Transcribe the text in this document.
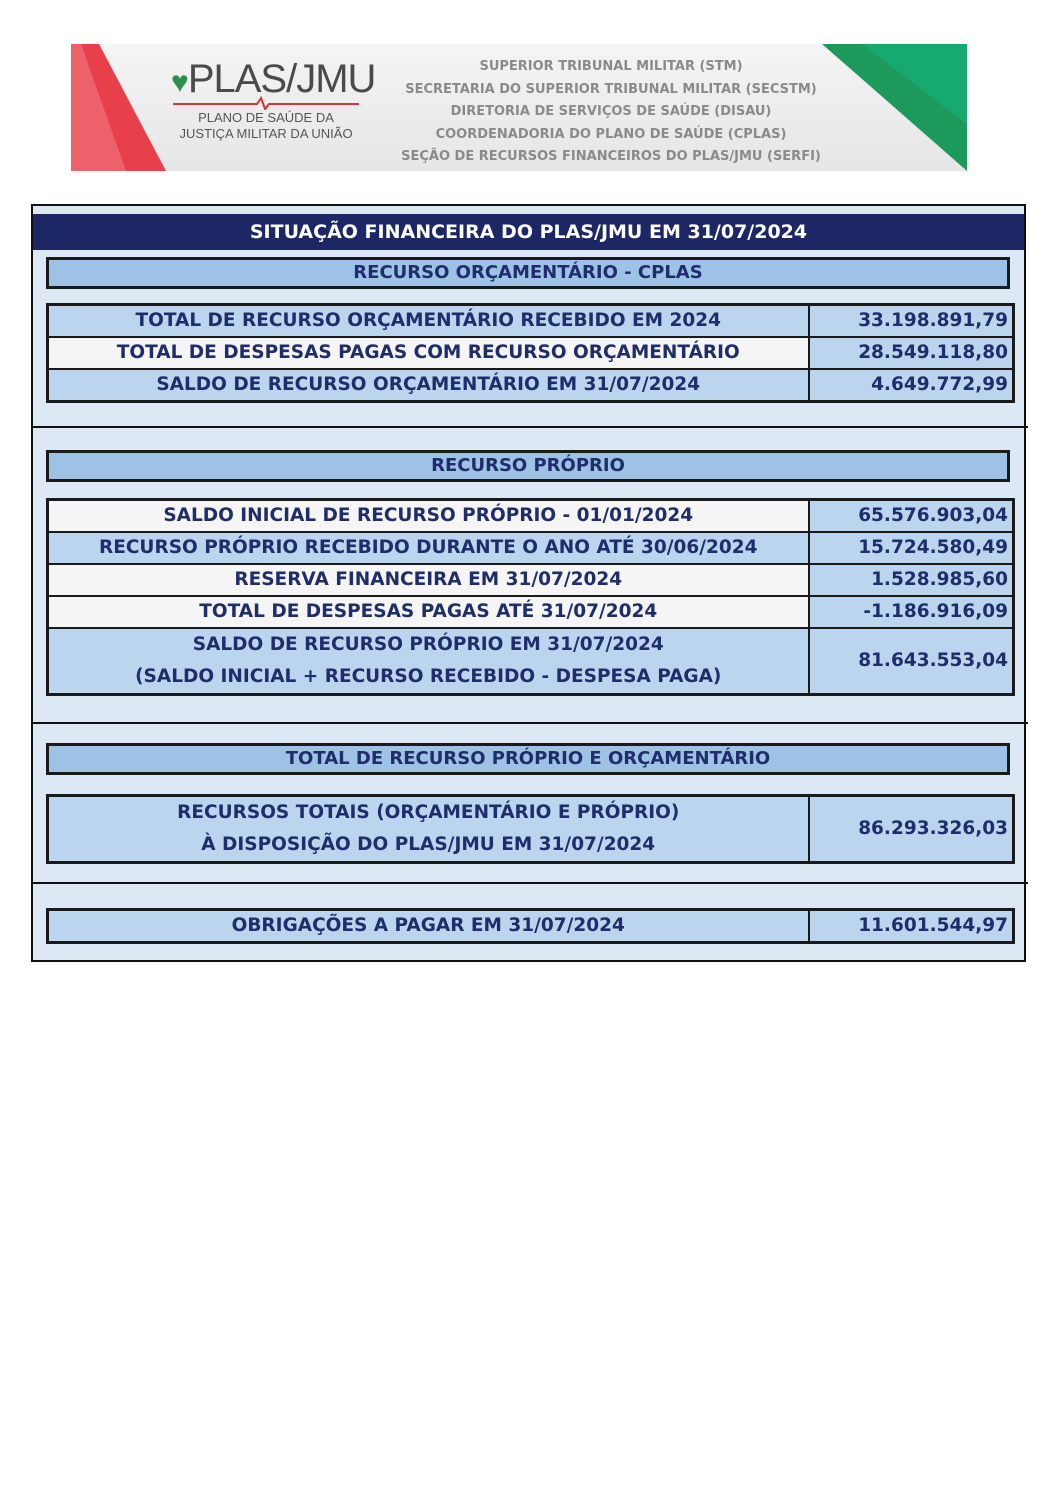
♥PLAS/JMU
PLANO DE SAÚDE DA
JUSTIÇA MILITAR DA UNIÃO
SUPERIOR TRIBUNAL MILITAR (STM)
SECRETARIA DO SUPERIOR TRIBUNAL MILITAR (SECSTM)
DIRETORIA DE SERVIÇOS DE SAÚDE (DISAU)
COORDENADORIA DO PLANO DE SAÚDE (CPLAS)
SEÇÃO DE RECURSOS FINANCEIROS DO PLAS/JMU (SERFI)
SITUAÇÃO FINANCEIRA DO PLAS/JMU EM 31/07/2024
RECURSO ORÇAMENTÁRIO - CPLAS
TOTAL DE RECURSO ORÇAMENTÁRIO RECEBIDO EM 2024	33.198.891,79
TOTAL DE DESPESAS PAGAS COM RECURSO ORÇAMENTÁRIO	28.549.118,80
SALDO DE RECURSO ORÇAMENTÁRIO EM 31/07/2024	4.649.772,99
RECURSO PRÓPRIO
SALDO INICIAL DE RECURSO PRÓPRIO - 01/01/2024	65.576.903,04
RECURSO PRÓPRIO RECEBIDO DURANTE O ANO ATÉ 30/06/2024	15.724.580,49
RESERVA FINANCEIRA EM 31/07/2024	1.528.985,60
TOTAL DE DESPESAS PAGAS ATÉ 31/07/2024	-1.186.916,09

SALDO DE RECURSO PRÓPRIO EM 31/07/2024
(SALDO INICIAL + RECURSO RECEBIDO - DESPESA PAGA)	81.643.553,04
TOTAL DE RECURSO PRÓPRIO E ORÇAMENTÁRIO
RECURSOS TOTAIS (ORÇAMENTÁRIO E PRÓPRIO)
À DISPOSIÇÃO DO PLAS/JMU EM 31/07/2024
	86.293.326,03
OBRIGAÇÕES A PAGAR EM 31/07/2024	11.601.544,97
